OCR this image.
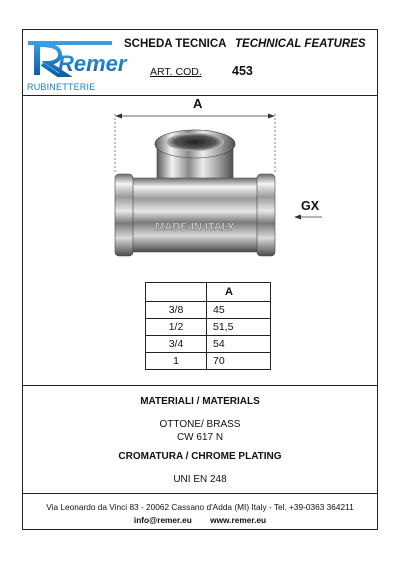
Remer
RUBINETTERIE
SCHEDA TECNICA TECHNICAL FEATURES
ART. COD. 453
A
GX
MADE IN ITALY
	A
3/8	45
1/2	51,5
3/4	54
1	70
MATERIALI / MATERIALS
OTTONE/ BRASS
CW 617 N
CROMATURA / CHROME PLATING
UNI EN 248
Via Leonardo da Vinci 83 - 20062 Cassano d'Adda (MI) Italy - Tel. +39-0363 364211
info@remer.eu www.remer.eu
